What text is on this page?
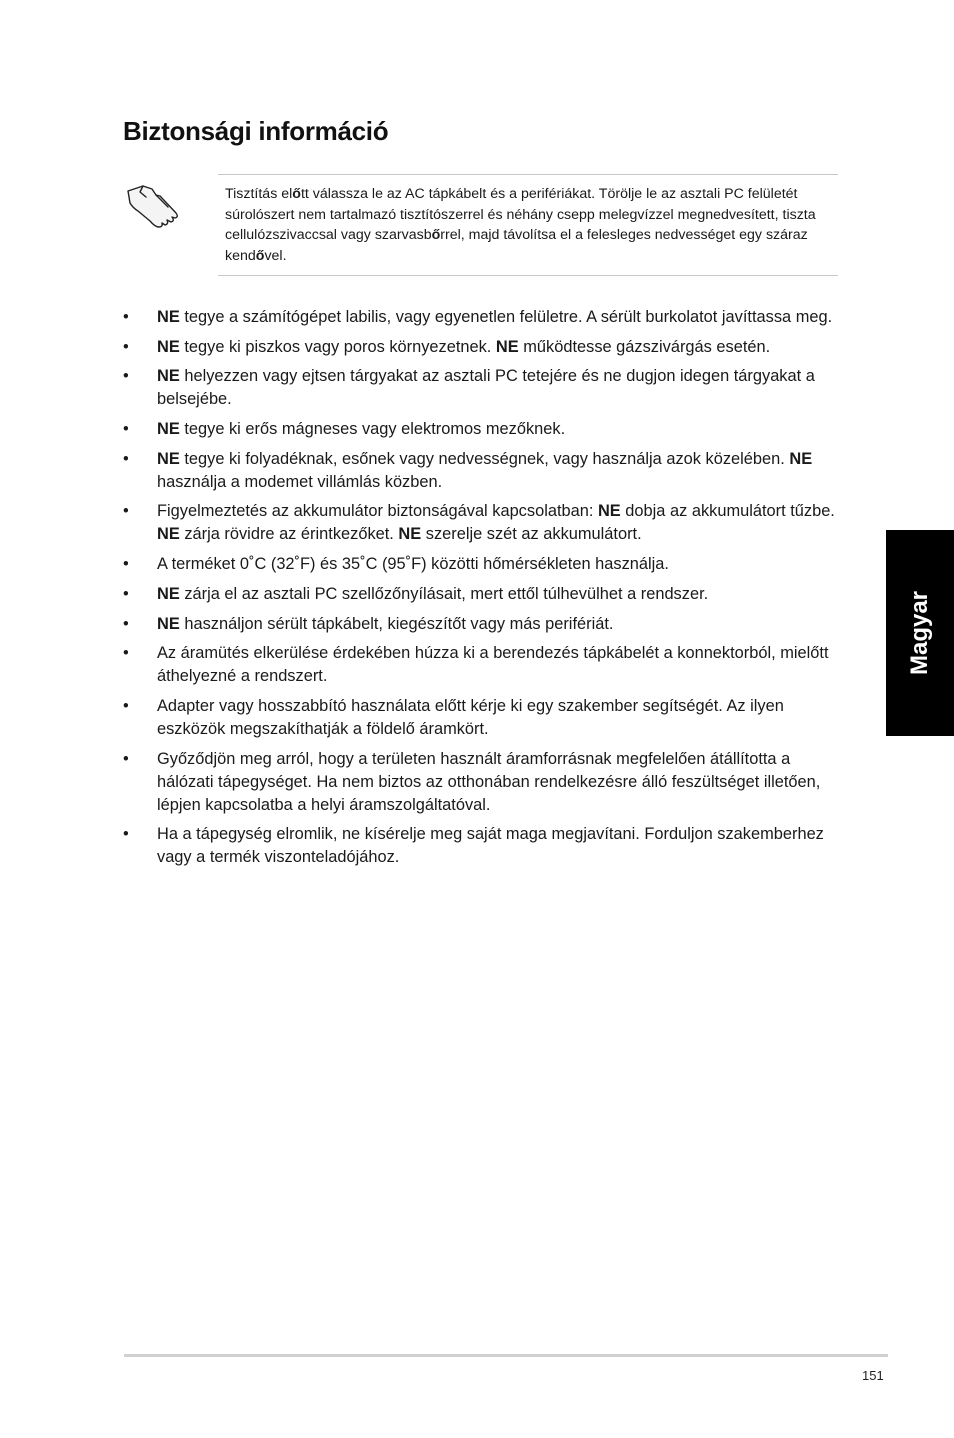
Biztonsági információ
Tisztítás előtt válassza le az AC tápkábelt és a perifériákat. Törölje le az asztali PC felületét súrolószert nem tartalmazó tisztítószerrel és néhány csepp melegvízzel megnedvesített, tiszta cellulózszivaccsal vagy szarvasbőrrel, majd távolítsa el a felesleges nedvességet egy száraz kendővel.
• NE tegye a számítógépet labilis, vagy egyenetlen felületre. A sérült burkolatot javíttassa meg.
• NE tegye ki piszkos vagy poros környezetnek. NE működtesse gázszivárgás esetén.
• NE helyezzen vagy ejtsen tárgyakat az asztali PC tetejére és ne dugjon idegen tárgyakat a belsejébe.
• NE tegye ki erős mágneses vagy elektromos mezőknek.
• NE tegye ki folyadéknak, esőnek vagy nedvességnek, vagy használja azok közelében. NE használja a modemet villámlás közben.
• Figyelmeztetés az akkumulátor biztonságával kapcsolatban: NE dobja az akkumulátort tűzbe. NE zárja rövidre az érintkezőket. NE szerelje szét az akkumulátort.
• A terméket 0˚C (32˚F) és 35˚C (95˚F) közötti hőmérsékleten használja.
• NE zárja el az asztali PC szellőzőnyílásait, mert ettől túlhevülhet a rendszer.
• NE használjon sérült tápkábelt, kiegészítőt vagy más perifériát.
• Az áramütés elkerülése érdekében húzza ki a berendezés tápkábelét a konnektorból, mielőtt áthelyezné a rendszert.
• Adapter vagy hosszabbító használata előtt kérje ki egy szakember segítségét. Az ilyen eszközök megszakíthatják a földelő áramkört.
• Győződjön meg arról, hogy a területen használt áramforrásnak megfelelően átállította a hálózati tápegységet. Ha nem biztos az otthonában rendelkezésre álló feszültséget illetően, lépjen kapcsolatba a helyi áramszolgáltatóval.
• Ha a tápegység elromlik, ne kísérelje meg saját maga megjavítani. Forduljon szakemberhez vagy a termék viszonteladójához.
Magyar
151
